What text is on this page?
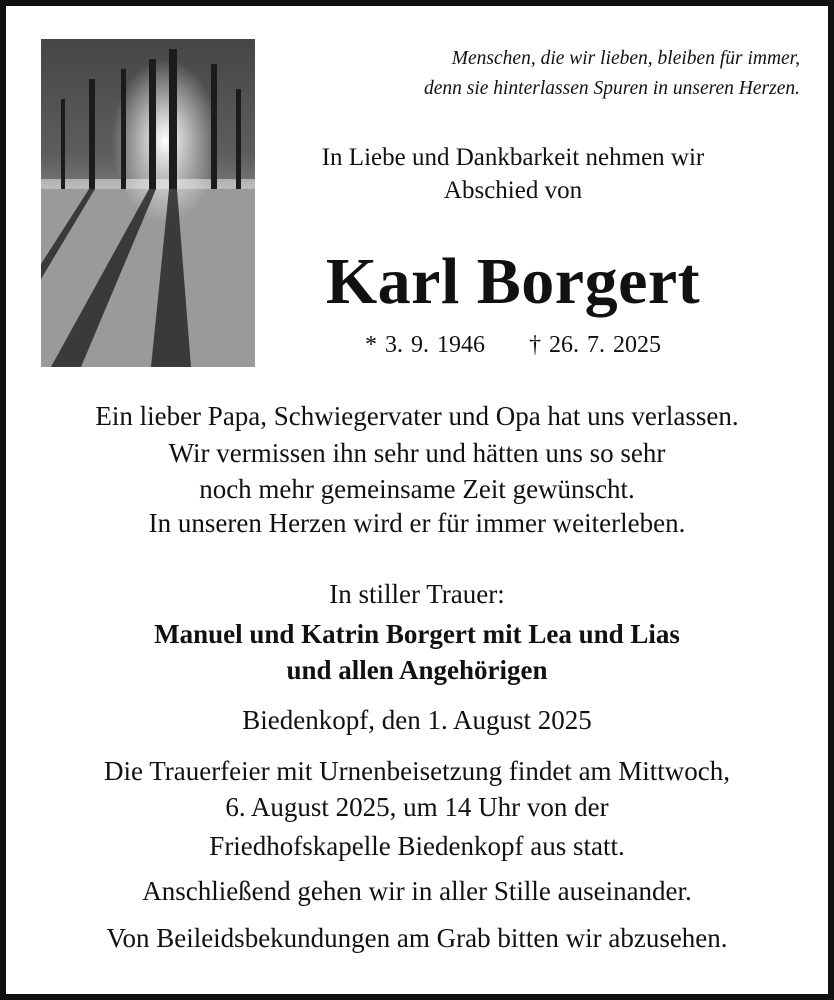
Menschen, die wir lieben, bleiben für immer,
denn sie hinterlassen Spuren in unseren Herzen.
In Liebe und Dankbarkeit nehmen wir
Abschied von
Karl Borgert
* 3. 9. 1946 † 26. 7. 2025
Ein lieber Papa, Schwiegervater und Opa hat uns verlassen.
Wir vermissen ihn sehr und hätten uns so sehr
noch mehr gemeinsame Zeit gewünscht.
In unseren Herzen wird er für immer weiterleben.
In stiller Trauer:
Manuel und Katrin Borgert mit Lea und Lias
und allen Angehörigen
Biedenkopf, den 1. August 2025
Die Trauerfeier mit Urnenbeisetzung findet am Mittwoch,
6. August 2025, um 14 Uhr von der
Friedhofskapelle Biedenkopf aus statt.
Anschließend gehen wir in aller Stille auseinander.
Von Beileidsbekundungen am Grab bitten wir abzusehen.
